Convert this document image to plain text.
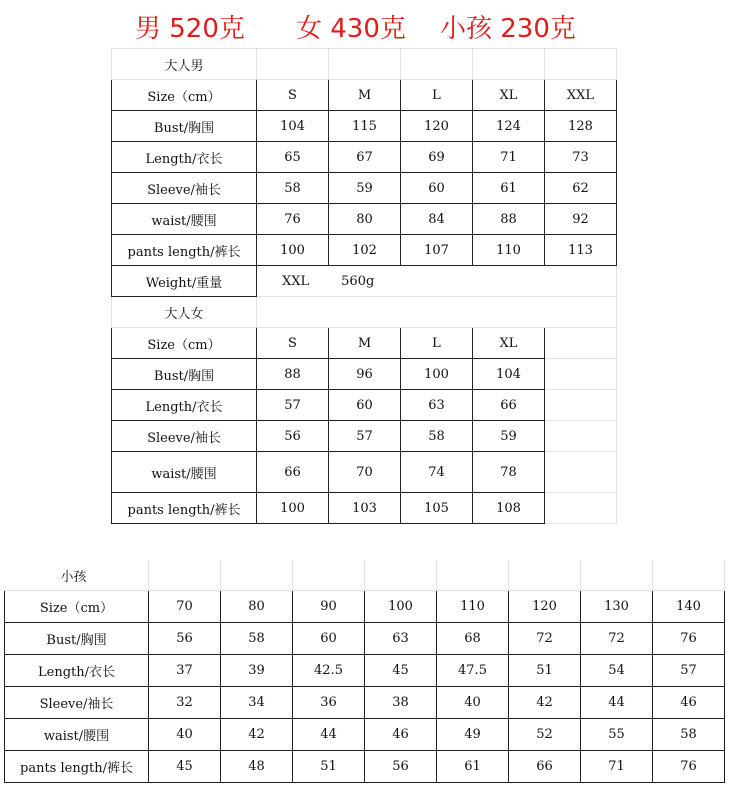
男 520克 女 430克 小孩 230克
大人男					
Size（cm）	S	M	L	XL	XXL
Bust/胸围	104	115	120	124	128
Length/衣长	65	67	69	71	73
Sleeve/袖长	58	59	60	61	62
waist/腰围	76	80	84	88	92
pants length/裤长	100	102	107	110	113
Weight/重量	XXL 560g				
大人女					
Size（cm）	S	M	L	XL	
Bust/胸围	88	96	100	104	
Length/衣长	57	60	63	66	
Sleeve/袖长	56	57	58	59	
waist/腰围	66	70	74	78	
pants length/裤长	100	103	105	108	
小孩								
Size（cm）	70	80	90	100	110	120	130	140
Bust/胸围	56	58	60	63	68	72	72	76
Length/衣长	37	39	42.5	45	47.5	51	54	57
Sleeve/袖长	32	34	36	38	40	42	44	46
waist/腰围	40	42	44	46	49	52	55	58
pants length/裤长	45	48	51	56	61	66	71	76
